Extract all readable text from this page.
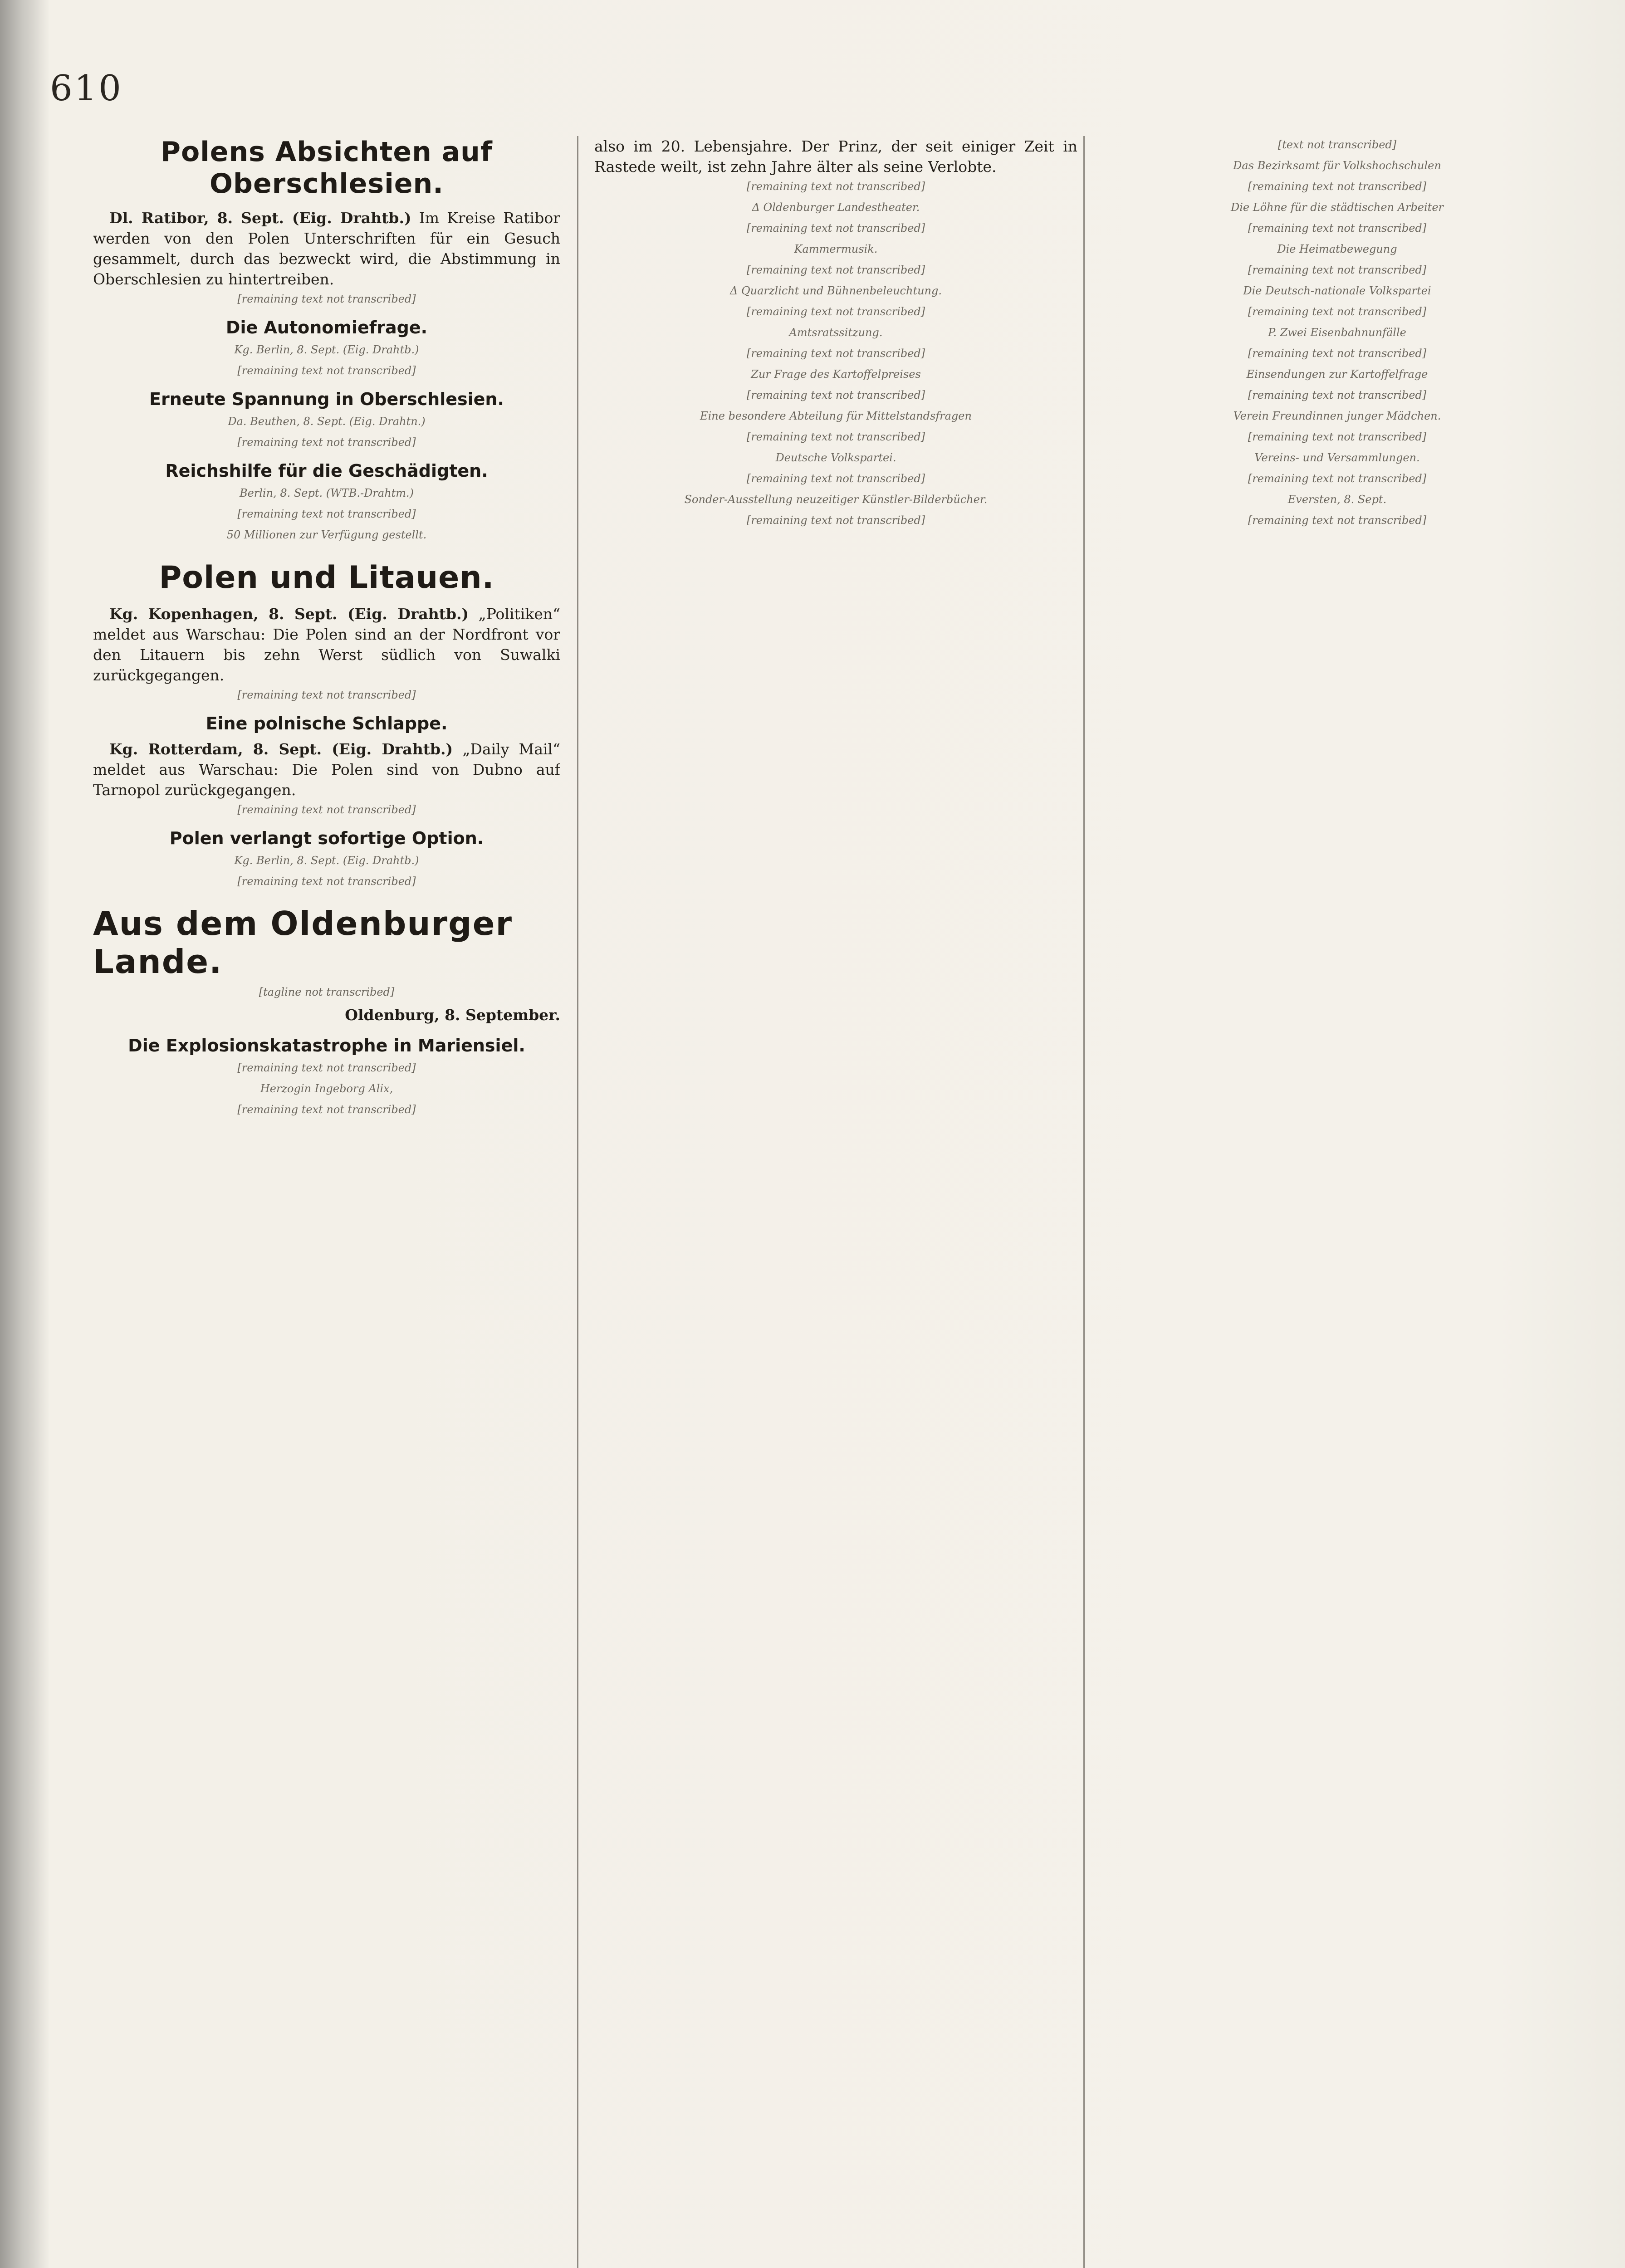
610
Polens Absichten auf Oberschlesien.

Dl. Ratibor, 8. Sept. (Eig. Drahtb.) Im Kreise Ratibor werden von den Polen Unterschriften für ein Gesuch gesammelt, durch das bezweckt wird, die Abstimmung in Oberschlesien zu hintertreiben.

[remaining text not transcribed]
Die Autonomiefrage.

Kg. Berlin, 8. Sept. (Eig. Drahtb.)

[remaining text not transcribed]
Erneute Spannung in Oberschlesien.

Da. Beuthen, 8. Sept. (Eig. Drahtn.)

[remaining text not transcribed]
Reichshilfe für die Geschädigten.

Berlin, 8. Sept. (WTB.-Drahtm.)

[remaining text not transcribed]

50 Millionen zur Verfügung gestellt.

Polen und Litauen.

Kg. Kopenhagen, 8. Sept. (Eig. Drahtb.) „Politiken“ meldet aus Warschau: Die Polen sind an der Nordfront vor den Litauern bis zehn Werst südlich von Suwalki zurückgegangen.

[remaining text not transcribed]
Eine polnische Schlappe.

Kg. Rotterdam, 8. Sept. (Eig. Drahtb.) „Daily Mail“ meldet aus Warschau: Die Polen sind von Dubno auf Tarnopol zurückgegangen.

[remaining text not transcribed]
Polen verlangt sofortige Option.

Kg. Berlin, 8. Sept. (Eig. Drahtb.)

[remaining text not transcribed]
Aus dem Oldenburger Lande.
[tagline not transcribed]
Oldenburg, 8. September.
Die Explosionskatastrophe in Mariensiel.
[remaining text not transcribed]

Herzogin Ingeborg Alix,

[remaining text not transcribed]

also im 20. Lebensjahre. Der Prinz, der seit einiger Zeit in Rastede weilt, ist zehn Jahre älter als seine Verlobte.

[remaining text not transcribed]

Δ Oldenburger Landestheater.

[remaining text not transcribed]

Kammermusik.

[remaining text not transcribed]

Δ Quarzlicht und Bühnenbeleuchtung.

[remaining text not transcribed]

Amtsratssitzung.

[remaining text not transcribed]

Zur Frage des Kartoffelpreises

[remaining text not transcribed]

Eine besondere Abteilung für Mittelstandsfragen

[remaining text not transcribed]

Deutsche Volkspartei.

[remaining text not transcribed]

Sonder-Ausstellung neuzeitiger Künstler-Bilderbücher.

[remaining text not transcribed]
[text not transcribed]

Das Bezirksamt für Volkshochschulen

[remaining text not transcribed]

Die Löhne für die städtischen Arbeiter

[remaining text not transcribed]

Die Heimatbewegung

[remaining text not transcribed]

Die Deutsch-nationale Volkspartei

[remaining text not transcribed]

P. Zwei Eisenbahnunfälle

[remaining text not transcribed]

Einsendungen zur Kartoffelfrage

[remaining text not transcribed]

Verein Freundinnen junger Mädchen.

[remaining text not transcribed]

Vereins- und Versammlungen.

[remaining text not transcribed]

Eversten, 8. Sept.

[remaining text not transcribed]
